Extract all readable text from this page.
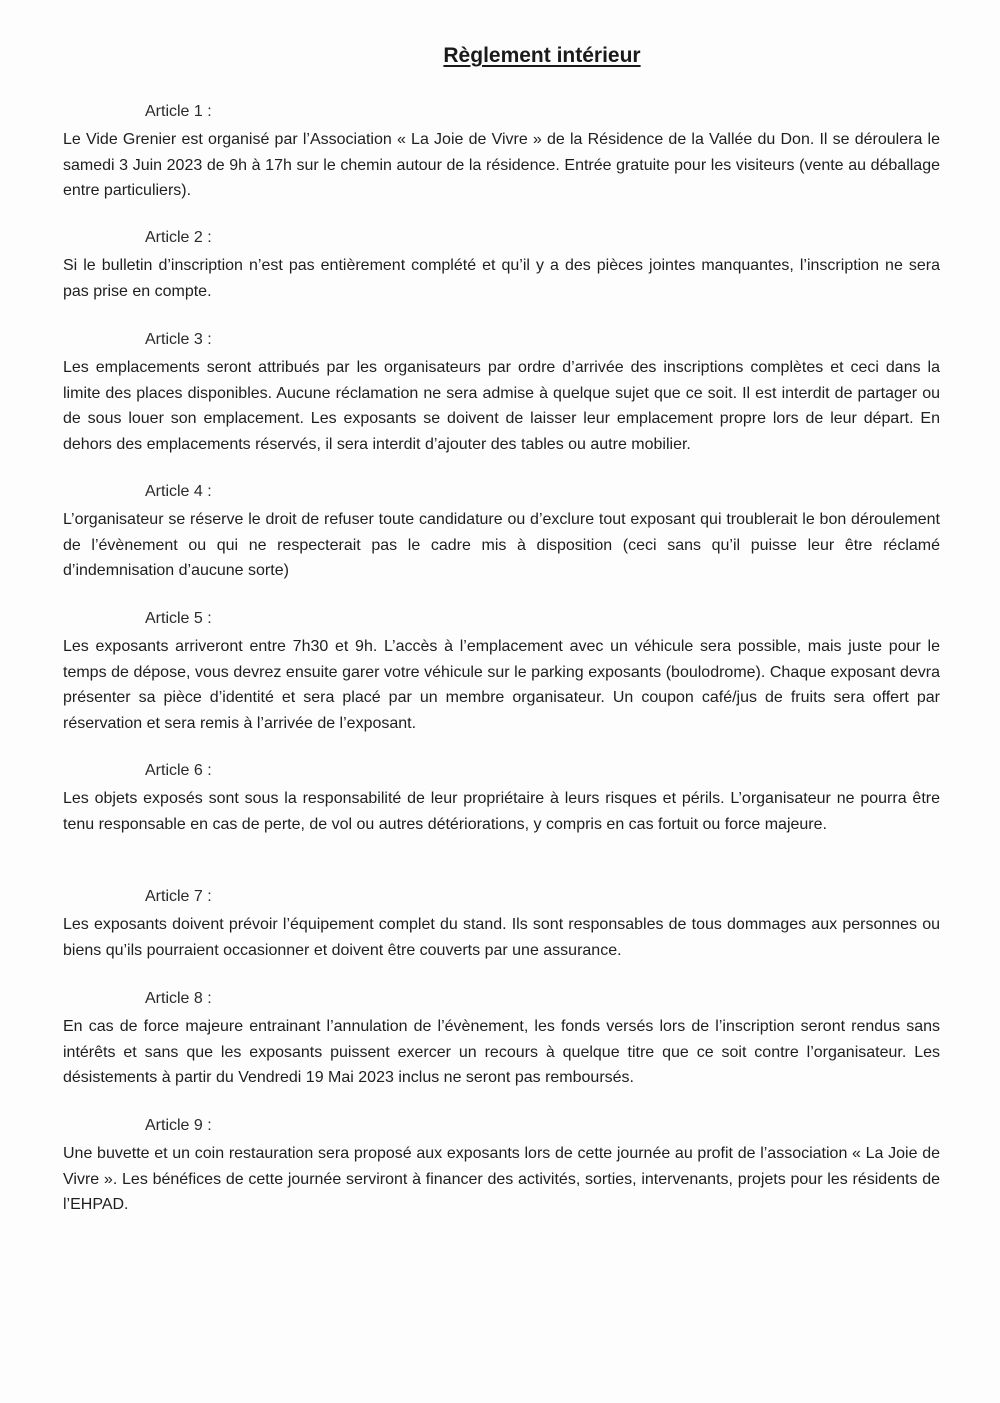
Règlement intérieur

Article 1 :

Le Vide Grenier est organisé par l’Association « La Joie de Vivre » de la Résidence de la Vallée du Don. Il se déroulera le samedi 3 Juin 2023 de 9h à 17h sur le chemin autour de la résidence. Entrée gratuite pour les visiteurs (vente au déballage entre particuliers).

Article 2 :

Si le bulletin d’inscription n’est pas entièrement complété et qu’il y a des pièces jointes manquantes, l’inscription ne sera pas prise en compte.

Article 3 :

Les emplacements seront attribués par les organisateurs par ordre d’arrivée des inscriptions complètes et ceci dans la limite des places disponibles. Aucune réclamation ne sera admise à quelque sujet que ce soit. Il est interdit de partager ou de sous louer son emplacement. Les exposants se doivent de laisser leur emplacement propre lors de leur départ. En dehors des emplacements réservés, il sera interdit d’ajouter des tables ou autre mobilier.

Article 4 :

L’organisateur se réserve le droit de refuser toute candidature ou d’exclure tout exposant qui troublerait le bon déroulement de l’évènement ou qui ne respecterait pas le cadre mis à disposition (ceci sans qu’il puisse leur être réclamé d’indemnisation d’aucune sorte)

Article 5 :

Les exposants arriveront entre 7h30 et 9h. L’accès à l’emplacement avec un véhicule sera possible, mais juste pour le temps de dépose, vous devrez ensuite garer votre véhicule sur le parking exposants (boulodrome). Chaque exposant devra présenter sa pièce d’identité et sera placé par un membre organisateur. Un coupon café/jus de fruits sera offert par réservation et sera remis à l’arrivée de l’exposant.

Article 6 :

Les objets exposés sont sous la responsabilité de leur propriétaire à leurs risques et périls. L’organisateur ne pourra être tenu responsable en cas de perte, de vol ou autres détériorations, y compris en cas fortuit ou force majeure.

Article 7 :

Les exposants doivent prévoir l’équipement complet du stand. Ils sont responsables de tous dommages aux personnes ou biens qu’ils pourraient occasionner et doivent être couverts par une assurance.

Article 8 :

En cas de force majeure entrainant l’annulation de l’évènement, les fonds versés lors de l’inscription seront rendus sans intérêts et sans que les exposants puissent exercer un recours à quelque titre que ce soit contre l’organisateur. Les désistements à partir du Vendredi 19 Mai 2023 inclus ne seront pas remboursés.

Article 9 :

Une buvette et un coin restauration sera proposé aux exposants lors de cette journée au profit de l’association « La Joie de Vivre ». Les bénéfices de cette journée serviront à financer des activités, sorties, intervenants, projets pour les résidents de l’EHPAD.
